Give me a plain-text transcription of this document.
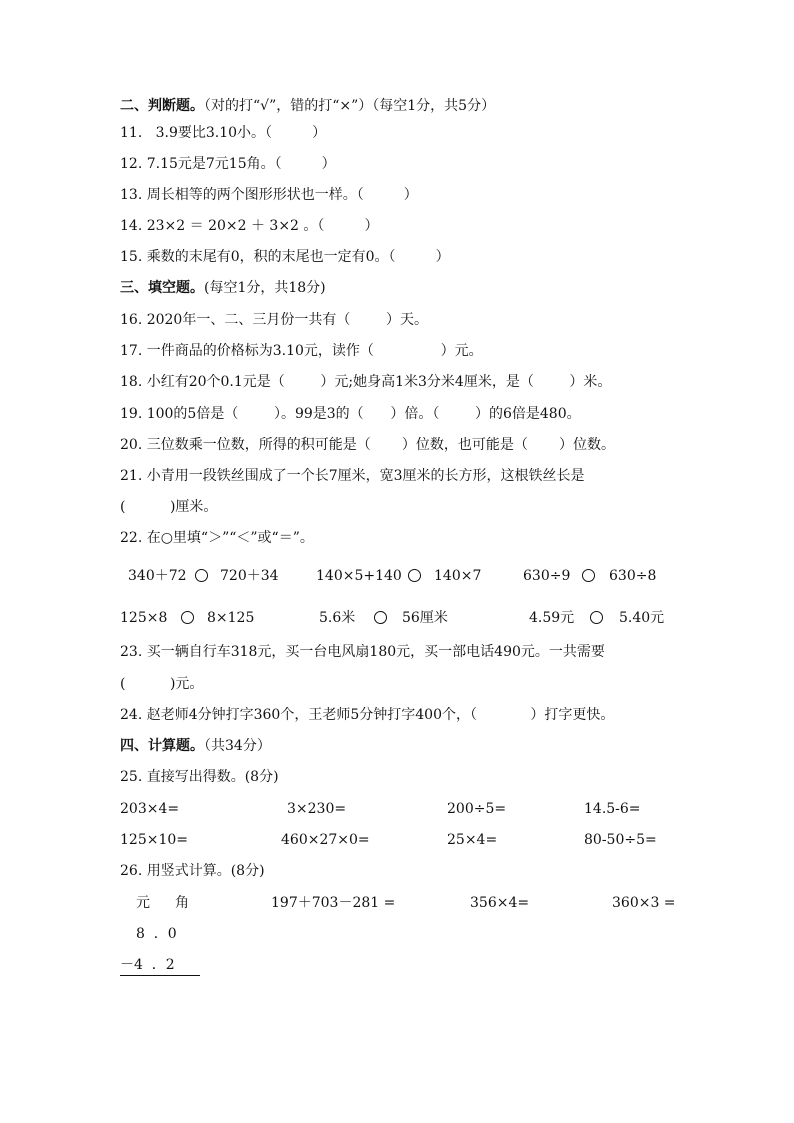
二、判断题。（对的打“√”，错的打“×”）（每空1分，共5分）
11.   3.9要比3.10小。（         ）
12. 7.15元是7元15角。（         ）
13. 周长相等的两个图形形状也一样。（         ）
14. 23×2 ＝ 20×2 ＋ 3×2 。（         ）
15. 乘数的末尾有0，积的末尾也一定有0。（         ）
三、填空题。(每空1分，共18分)
16. 2020年一、二、三月份一共有（        ）天。
17. 一件商品的价格标为3.10元，读作（               ）元。
18. 小红有20个0.1元是（        ）元;她身高1米3分米4厘米，是（        ）米。
19. 100的5倍是（        ）。99是3的（      ）倍。（        ）的6倍是480。
20. 三位数乘一位数，所得的积可能是（       ）位数，也可能是（       ）位数。
21. 小青用一段铁丝围成了一个长7厘米，宽3厘米的长方形，这根铁丝长是
(          )厘米。
22. 在○里填“＞”“＜”或“＝”。
340＋72 720＋34	140×5+140 140×7	630÷9	630÷8
125×8	8×125	5.6米	56厘米	4.59元	5.40元
23. 买一辆自行车318元，买一台电风扇180元，买一部电话490元。一共需要
(          )元。
24. 赵老师4分钟打字360个，王老师5分钟打字400个，（            ）打字更快。
四、计算题。（共34分）
25. 直接写出得数。(8分)
203×4=	3×230=	200÷5=	14.5-6=
125×10=	460×27×0=	25×4=	80-50÷5=
26. 用竖式计算。(8分)
元 角	197＋703－281 =	356×4=	360×3 =
8  ．0
－4  ．2
